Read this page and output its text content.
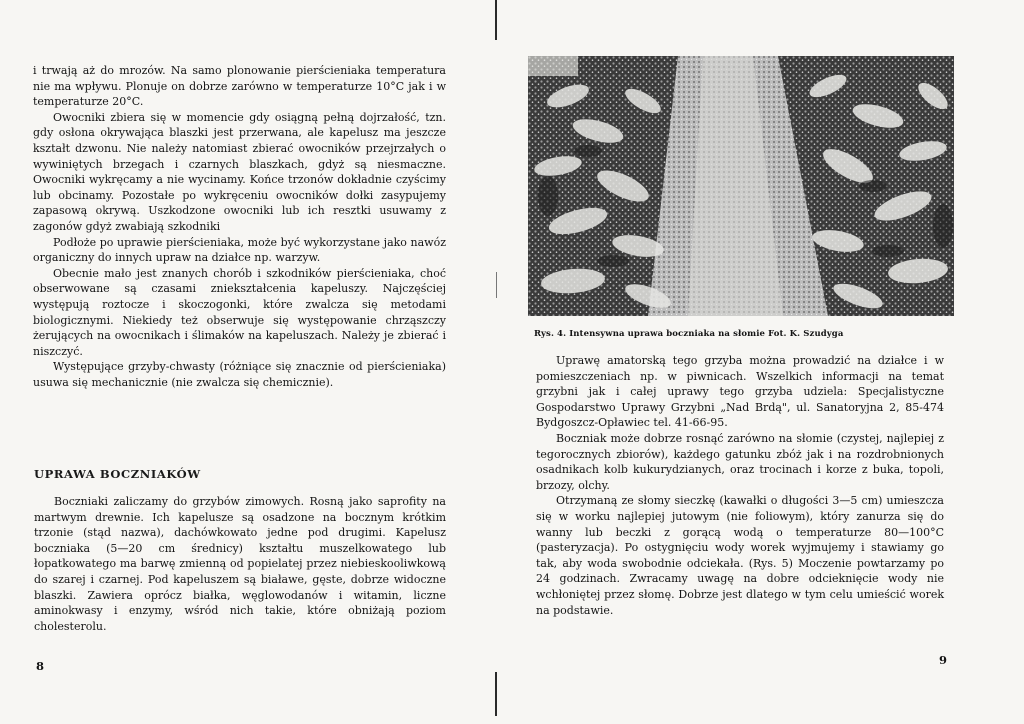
i trwają aż do mrozów. Na samo plonowanie pierścieniaka temperatura nie ma wpływu. Plonuje on dobrze zarówno w temperaturze 10°C jak i w temperaturze 20°C.

Owocniki zbiera się w momencie gdy osiągną pełną dojrzałość, tzn. gdy osłona okrywająca blaszki jest przerwana, ale kapelusz ma jeszcze kształt dzwonu. Nie należy natomiast zbierać owocników przejrzałych o wywiniętych brzegach i czarnych blaszkach, gdyż są niesmaczne. Owocniki wykręcamy a nie wycinamy. Końce trzonów dokładnie czyścimy lub obcinamy. Pozostałe po wykręceniu owocników dołki zasypujemy zapasową okrywą. Uszkodzone owocniki lub ich resztki usuwamy z zagonów gdyż zwabiają szkodniki

Podłoże po uprawie pierścieniaka, może być wykorzystane jako nawóz organiczny do innych upraw na działce np. warzyw.

Obecnie mało jest znanych chorób i szkodników pierścieniaka, choć obserwowane są czasami zniekształcenia kapeluszy. Najczęściej występują roztocze i skoczogonki, które zwalcza się metodami biologicznymi. Niekiedy też obserwuje się występowanie chrząszczy żerujących na owocnikach i ślimaków na kapeluszach. Należy je zbierać i niszczyć.

Występujące grzyby-chwasty (różniące się znacznie od pierścieniaka) usuwa się mechanicznie (nie zwalcza się chemicznie).

UPRAWA BOCZNIAKÓW

Boczniaki zaliczamy do grzybów zimowych. Rosną jako saprofity na martwym drewnie. Ich kapelusze są osadzone na bocznym krótkim trzonie (stąd nazwa), dachówkowato jedne pod drugimi. Kapelusz boczniaka (5—20 cm średnicy) kształtu muszelkowatego lub łopatkowatego ma barwę zmienną od popielatej przez niebieskooliwkową do szarej i czarnej. Pod kapeluszem są białawe, gęste, dobrze widoczne blaszki. Zawiera oprócz białka, węglowodanów i witamin, liczne aminokwasy i enzymy, wśród nich takie, które obniżają poziom cholesterolu.

8
Rys. 4. Intensywna uprawa boczniaka na słomie Fot. K. Szudyga

Uprawę amatorską tego grzyba można prowadzić na działce i w pomieszczeniach np. w piwnicach. Wszelkich informacji na temat grzybni jak i całej uprawy tego grzyba udziela: Specjalistyczne Gospodarstwo Uprawy Grzybni „Nad Brdą", ul. Sanatoryjna 2, 85-474 Bydgoszcz-Opławiec tel. 41-66-95.

Boczniak może dobrze rosnąć zarówno na słomie (czystej, najlepiej z tegorocznych zbiorów), każdego gatunku zbóż jak i na rozdrobnionych osadnikach kolb kukurydzianych, oraz trocinach i korze z buka, topoli, brzozy, olchy.

Otrzymaną ze słomy sieczkę (kawałki o długości 3—5 cm) umieszcza się w worku najlepiej jutowym (nie foliowym), który zanurza się do wanny lub beczki z gorącą wodą o temperaturze 80—100°C (pasteryzacja). Po ostygnięciu wody worek wyjmujemy i stawiamy go tak, aby woda swobodnie odciekała. (Rys. 5) Moczenie powtarzamy po 24 godzinach. Zwracamy uwagę na dobre odcieknięcie wody nie wchłoniętej przez słomę. Dobrze jest dlatego w tym celu umieścić worek na podstawie.

9
